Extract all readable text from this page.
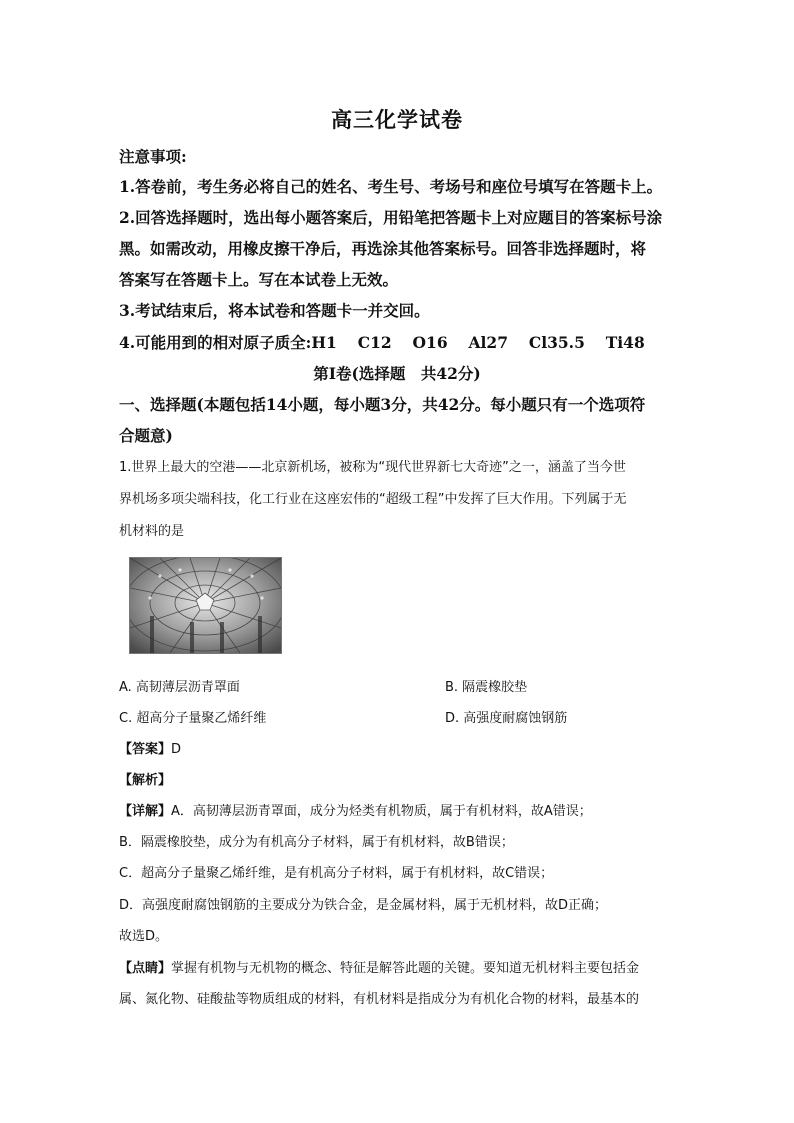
高三化学试卷
注意事项:
1.答卷前，考生务必将自己的姓名、考生号、考场号和座位号填写在答题卡上。
2.回答选择题时，选出每小题答案后，用铅笔把答题卡上对应题目的答案标号涂
黑。如需改动，用橡皮擦干净后，再选涂其他答案标号。回答非选择题时，将
答案写在答题卡上。写在本试卷上无效。
3.考试结束后，将本试卷和答题卡一并交回。
4.可能用到的相对原子质全:H1　 C12　 O16　 Al27　 Cl35.5　 Ti48
第Ⅰ卷(选择题　共42分)
一、选择题(本题包括14小题，每小题3分，共42分。每小题只有一个选项符
合题意)
1.世界上最大的空港——北京新机场，被称为“现代世界新七大奇迹”之一，涵盖了当今世
界机场多项尖端科技，化工行业在这座宏伟的“超级工程”中发挥了巨大作用。下列属于无
机材料的是
A. 高韧薄层沥青罩面	B. 隔震橡胶垫
C. 超高分子量聚乙烯纤维	D. 高强度耐腐蚀钢筋
【答案】D
【解析】
【详解】A．高韧薄层沥青罩面，成分为烃类有机物质，属于有机材料，故A错误；
B．隔震橡胶垫，成分为有机高分子材料，属于有机材料，故B错误；
C．超高分子量聚乙烯纤维，是有机高分子材料，属于有机材料，故C错误；
D．高强度耐腐蚀钢筋的主要成分为铁合金，是金属材料，属于无机材料，故D正确；
故选D。
【点睛】掌握有机物与无机物的概念、特征是解答此题的关键。要知道无机材料主要包括金
属、氮化物、硅酸盐等物质组成的材料，有机材料是指成分为有机化合物的材料，最基本的
